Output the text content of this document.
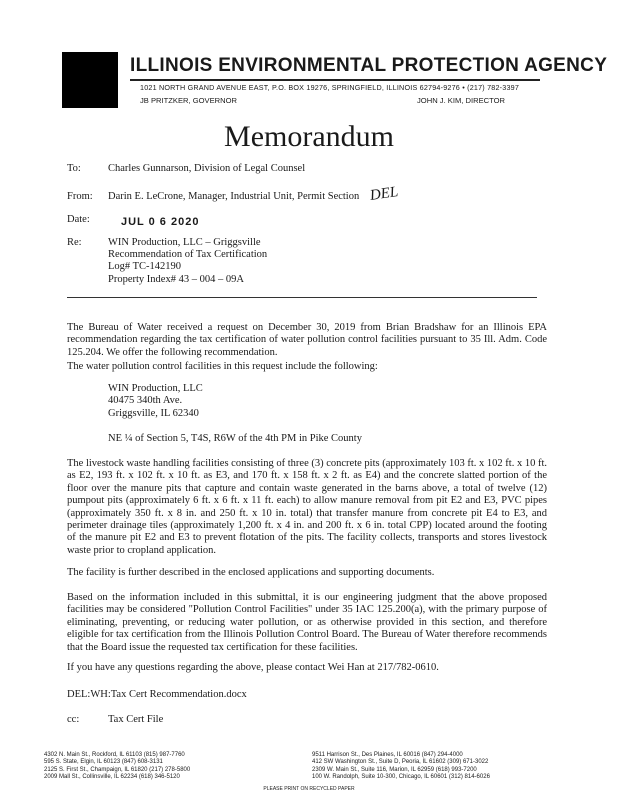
ILLINOIS ENVIRONMENTAL PROTECTION AGENCY
1021 NORTH GRAND AVENUE EAST, P.O. BOX 19276, SPRINGFIELD, ILLINOIS 62794-9276 • (217) 782-3397
JB PRITZKER, GOVERNOR	JOHN J. KIM, DIRECTOR
Memorandum
To:	Charles Gunnarson, Division of Legal Counsel
From: Darin E. LeCrone, Manager, Industrial Unit, Permit Section DEL
Date:	JUL 0 6 2020
Re:	WIN Production, LLC – Griggsville
Recommendation of Tax Certification
Log# TC-142190
Property Index# 43 – 004 – 09A
The Bureau of Water received a request on December 30, 2019 from Brian Bradshaw for an Illinois EPA recommendation regarding the tax certification of water pollution control facilities pursuant to 35 Ill. Adm. Code 125.204. We offer the following recommendation.
The water pollution control facilities in this request include the following:
WIN Production, LLC
40475 340th Ave.
Griggsville, IL 62340
NE ¼ of Section 5, T4S, R6W of the 4th PM in Pike County
The livestock waste handling facilities consisting of three (3) concrete pits (approximately 103 ft. x 102 ft. x 10 ft. as E2, 193 ft. x 102 ft. x 10 ft. as E3, and 170 ft. x 158 ft. x 2 ft. as E4) and the concrete slatted portion of the floor over the manure pits that capture and contain waste generated in the barns above, a total of twelve (12) pumpout pits (approximately 6 ft. x 6 ft. x 11 ft. each) to allow manure removal from pit E2 and E3, PVC pipes (approximately 350 ft. x 8 in. and 250 ft. x 10 in. total) that transfer manure from concrete pit E4 to E3, and perimeter drainage tiles (approximately 1,200 ft. x 4 in. and 200 ft. x 6 in. total CPP) located around the footing of the manure pit E2 and E3 to prevent flotation of the pits. The facility collects, transports and stores livestock waste prior to cropland application.
The facility is further described in the enclosed applications and supporting documents.
Based on the information included in this submittal, it is our engineering judgment that the above proposed facilities may be considered "Pollution Control Facilities" under 35 IAC 125.200(a), with the primary purpose of eliminating, preventing, or reducing water pollution, or as otherwise provided in this section, and therefore eligible for tax certification from the Illinois Pollution Control Board. The Bureau of Water therefore recommends that the Board issue the requested tax certification for these facilities.
If you have any questions regarding the above, please contact Wei Han at 217/782-0610.
DEL:WH:Tax Cert Recommendation.docx
cc:	Tax Cert File
4302 N. Main St., Rockford, IL 61103 (815) 987-7760
595 S. State, Elgin, IL 60123 (847) 608-3131
2125 S. First St., Champaign, IL 61820 (217) 278-5800
2009 Mall St., Collinsville, IL 62234 (618) 346-5120
9511 Harrison St., Des Plaines, IL 60016 (847) 294-4000
412 SW Washington St., Suite D, Peoria, IL 61602 (309) 671-3022
2309 W. Main St., Suite 116, Marion, IL 62959 (618) 993-7200
100 W. Randolph, Suite 10-300, Chicago, IL 60601 (312) 814-6026
PLEASE PRINT ON RECYCLED PAPER
